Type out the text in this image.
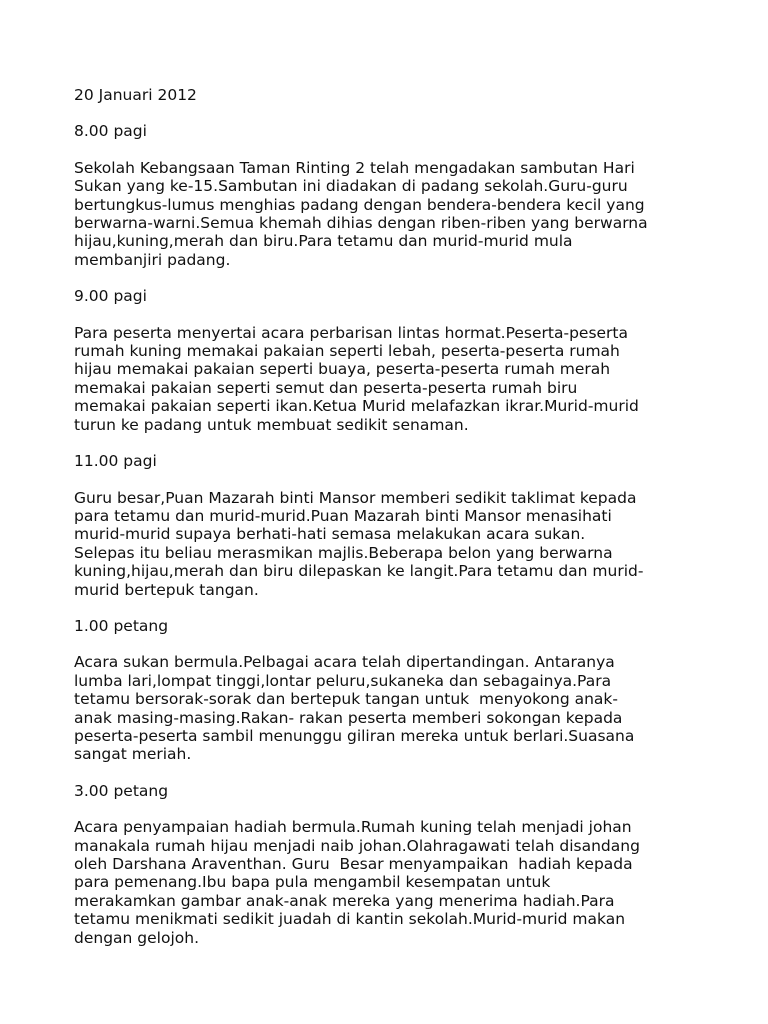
20 Januari 2012
8.00 pagi
Sekolah Kebangsaan Taman Rinting 2 telah mengadakan sambutan Hari
Sukan yang ke-15.Sambutan ini diadakan di padang sekolah.Guru-guru
bertungkus-lumus menghias padang dengan bendera-bendera kecil yang
berwarna-warni.Semua khemah dihias dengan riben-riben yang berwarna
hijau,kuning,merah dan biru.Para tetamu dan murid-murid mula
membanjiri padang.
9.00 pagi
Para peserta menyertai acara perbarisan lintas hormat.Peserta-peserta
rumah kuning memakai pakaian seperti lebah, peserta-peserta rumah
hijau memakai pakaian seperti buaya, peserta-peserta rumah merah
memakai pakaian seperti semut dan peserta-peserta rumah biru
memakai pakaian seperti ikan.Ketua Murid melafazkan ikrar.Murid-murid
turun ke padang untuk membuat sedikit senaman.
11.00 pagi
Guru besar,Puan Mazarah binti Mansor memberi sedikit taklimat kepada
para tetamu dan murid-murid.Puan Mazarah binti Mansor menasihati
murid-murid supaya berhati-hati semasa melakukan acara sukan.
Selepas itu beliau merasmikan majlis.Beberapa belon yang berwarna
kuning,hijau,merah dan biru dilepaskan ke langit.Para tetamu dan murid-
murid bertepuk tangan.
1.00 petang
Acara sukan bermula.Pelbagai acara telah dipertandingan. Antaranya
lumba lari,lompat tinggi,lontar peluru,sukaneka dan sebagainya.Para
tetamu bersorak-sorak dan bertepuk tangan untuk  menyokong anak-
anak masing-masing.Rakan- rakan peserta memberi sokongan kepada
peserta-peserta sambil menunggu giliran mereka untuk berlari.Suasana
sangat meriah.
3.00 petang
Acara penyampaian hadiah bermula.Rumah kuning telah menjadi johan
manakala rumah hijau menjadi naib johan.Olahragawati telah disandang
oleh Darshana Araventhan. Guru  Besar menyampaikan  hadiah kepada
para pemenang.Ibu bapa pula mengambil kesempatan untuk
merakamkan gambar anak-anak mereka yang menerima hadiah.Para
tetamu menikmati sedikit juadah di kantin sekolah.Murid-murid makan
dengan gelojoh.
